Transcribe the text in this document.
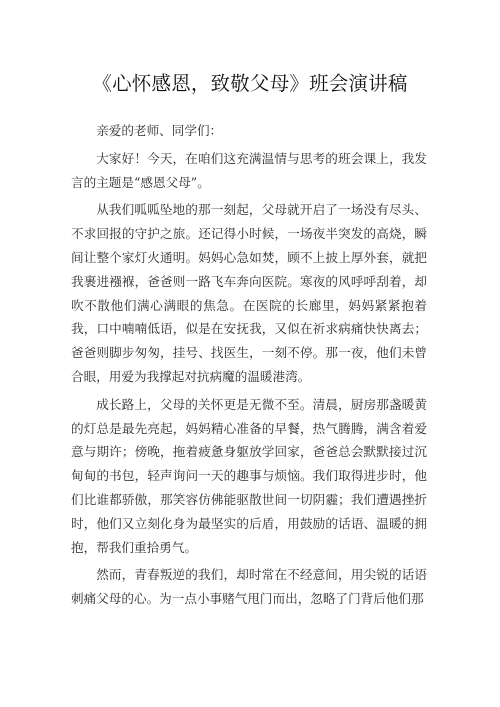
《心怀感恩，致敬父母》班会演讲稿

亲爱的老师、同学们：

大家好！今天，在咱们这充满温情与思考的班会课上，我发言的主题是“感恩父母”。

从我们呱呱坠地的那一刻起，父母就开启了一场没有尽头、不求回报的守护之旅。还记得小时候，一场夜半突发的高烧，瞬间让整个家灯火通明。妈妈心急如焚，顾不上披上厚外套，就把我裹进襁褓，爸爸则一路飞车奔向医院。寒夜的风呼呼刮着，却吹不散他们满心满眼的焦急。在医院的长廊里，妈妈紧紧抱着我，口中喃喃低语，似是在安抚我，又似在祈求病痛快快离去；爸爸则脚步匆匆，挂号、找医生，一刻不停。那一夜，他们未曾合眼，用爱为我撑起对抗病魔的温暖港湾。

成长路上，父母的关怀更是无微不至。清晨，厨房那盏暖黄的灯总是最先亮起，妈妈精心准备的早餐，热气腾腾，满含着爱意与期许；傍晚，拖着疲惫身躯放学回家，爸爸总会默默接过沉甸甸的书包，轻声询问一天的趣事与烦恼。我们取得进步时，他们比谁都骄傲，那笑容仿佛能驱散世间一切阴霾；我们遭遇挫折时，他们又立刻化身为最坚实的后盾，用鼓励的话语、温暖的拥抱，帮我们重拾勇气。

然而，青春叛逆的我们，却时常在不经意间，用尖锐的话语刺痛父母的心。为一点小事赌气甩门而出，忽略了门背后他们那
